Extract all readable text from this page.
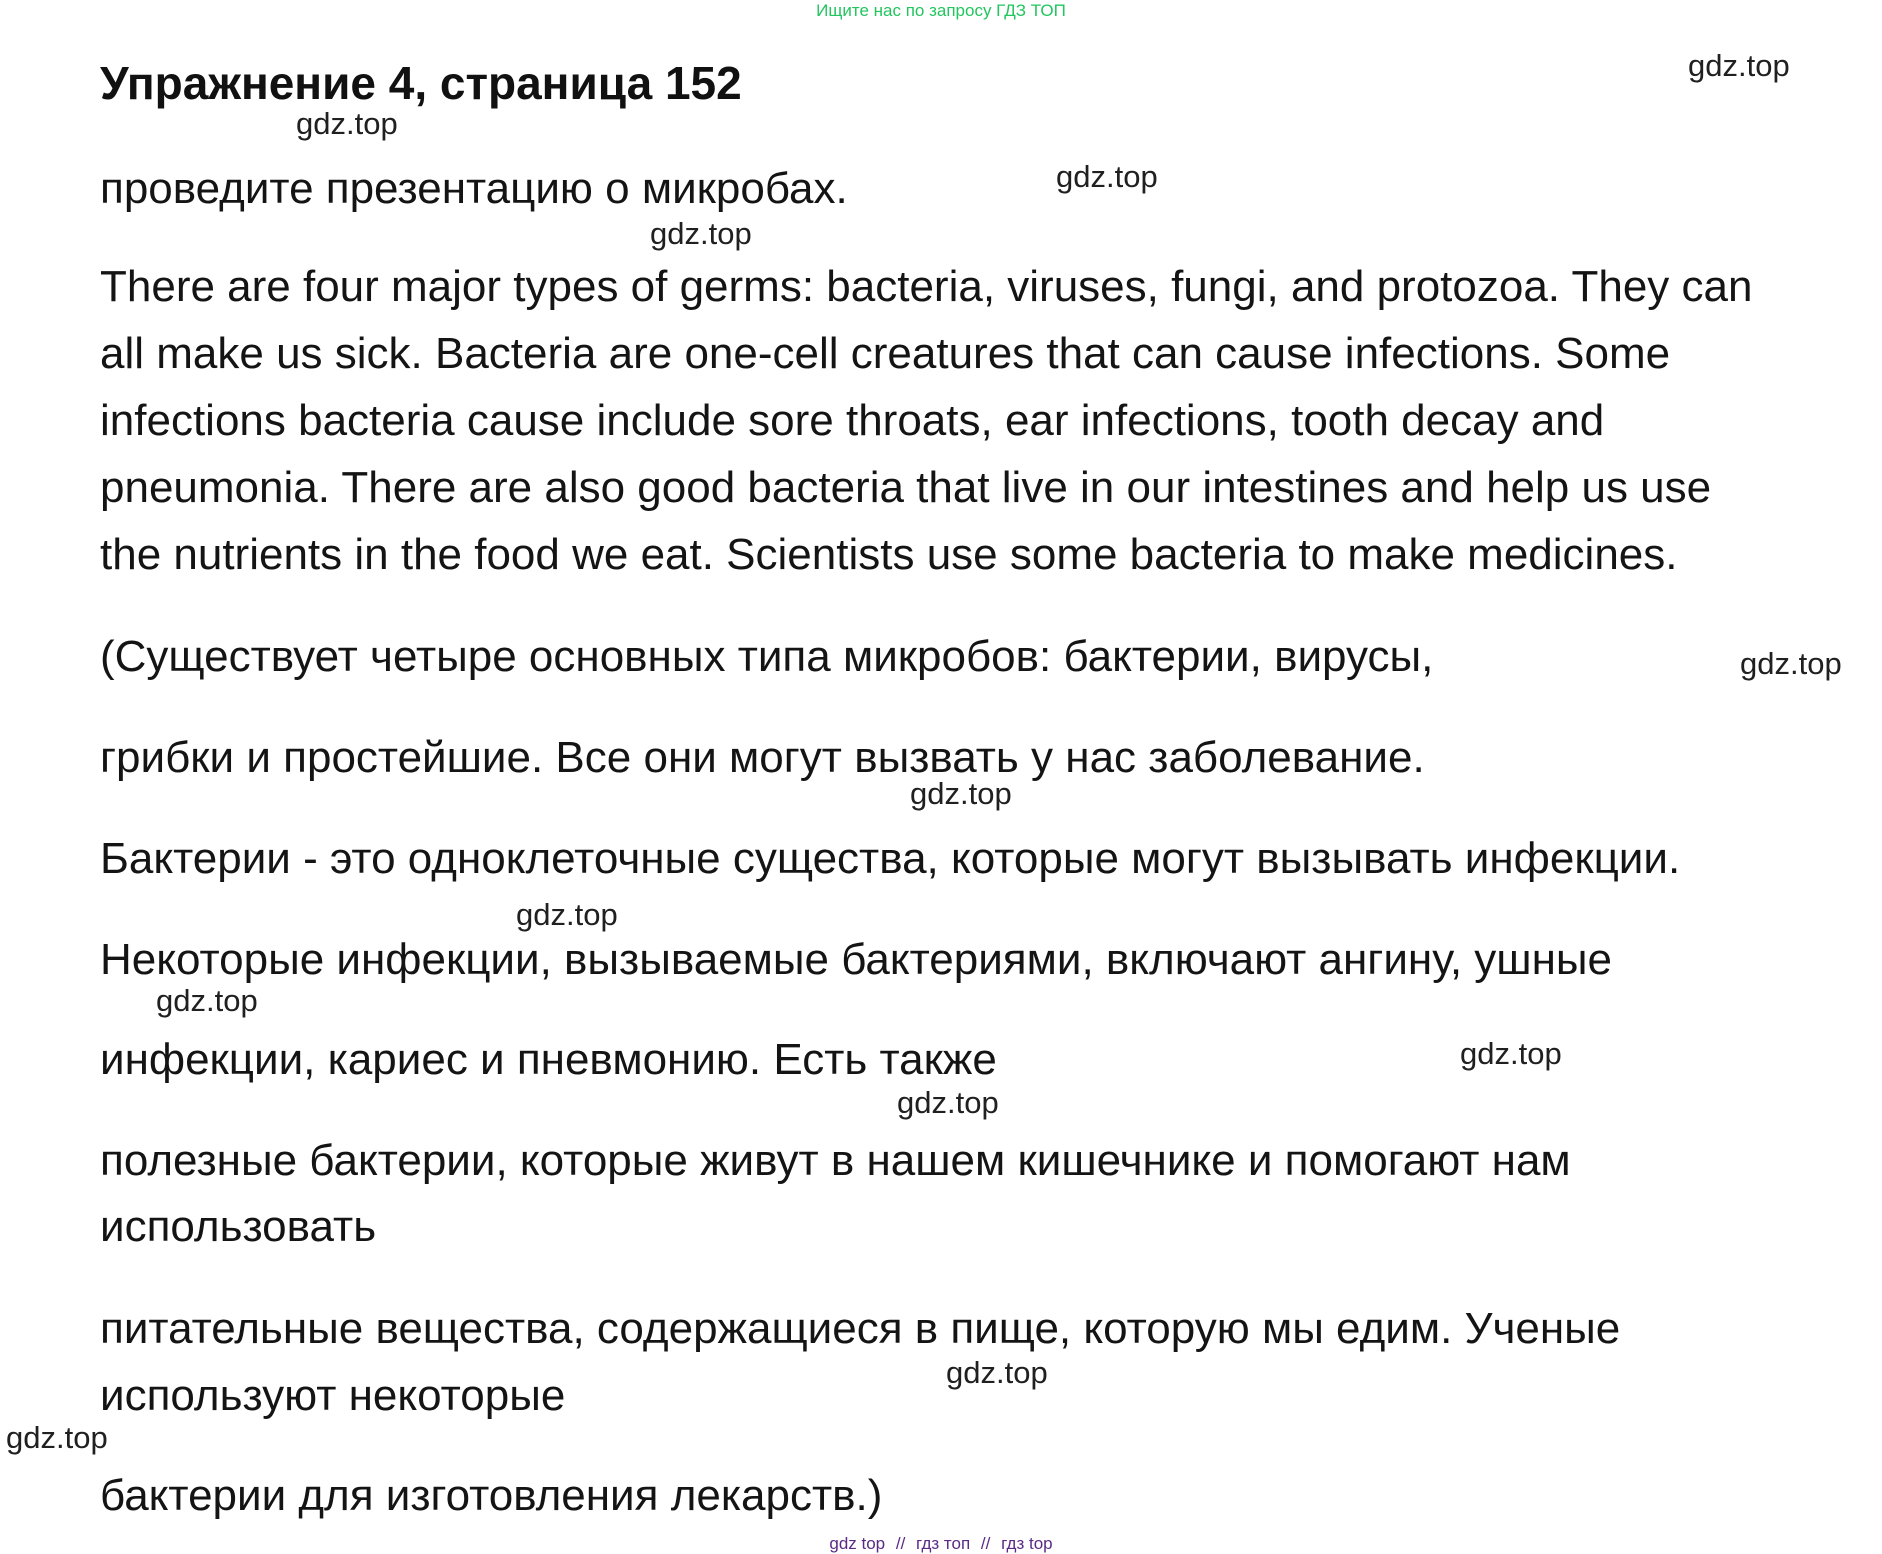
Ищите нас по запросу ГДЗ ТОП
Упражнение 4, страница 152
проведите презентацию о микробах.
There are four major types of germs: bacteria, viruses, fungi, and protozoa. They can
all make us sick. Bacteria are one-cell creatures that can cause infections. Some
infections bacteria cause include sore throats, ear infections, tooth decay and
pneumonia. There are also good bacteria that live in our intestines and help us use
the nutrients in the food we eat. Scientists use some bacteria to make medicines.
(Существует четыре основных типа микробов: бактерии, вирусы,
грибки и простейшие. Все они могут вызвать у нас заболевание.
Бактерии - это одноклеточные существа, которые могут вызывать инфекции.
Некоторые инфекции, вызываемые бактериями, включают ангину, ушные
инфекции, кариес и пневмонию. Есть также
полезные бактерии, которые живут в нашем кишечнике и помогают нам
использовать
питательные вещества, содержащиеся в пище, которую мы едим. Ученые
используют некоторые
бактерии для изготовления лекарств.)
gdz.top
gdz.top
gdz.top
gdz.top
gdz.top
gdz.top
gdz.top
gdz.top
gdz.top
gdz.top
gdz.top
gdz.top
gdz top // гдз топ // гдз top
